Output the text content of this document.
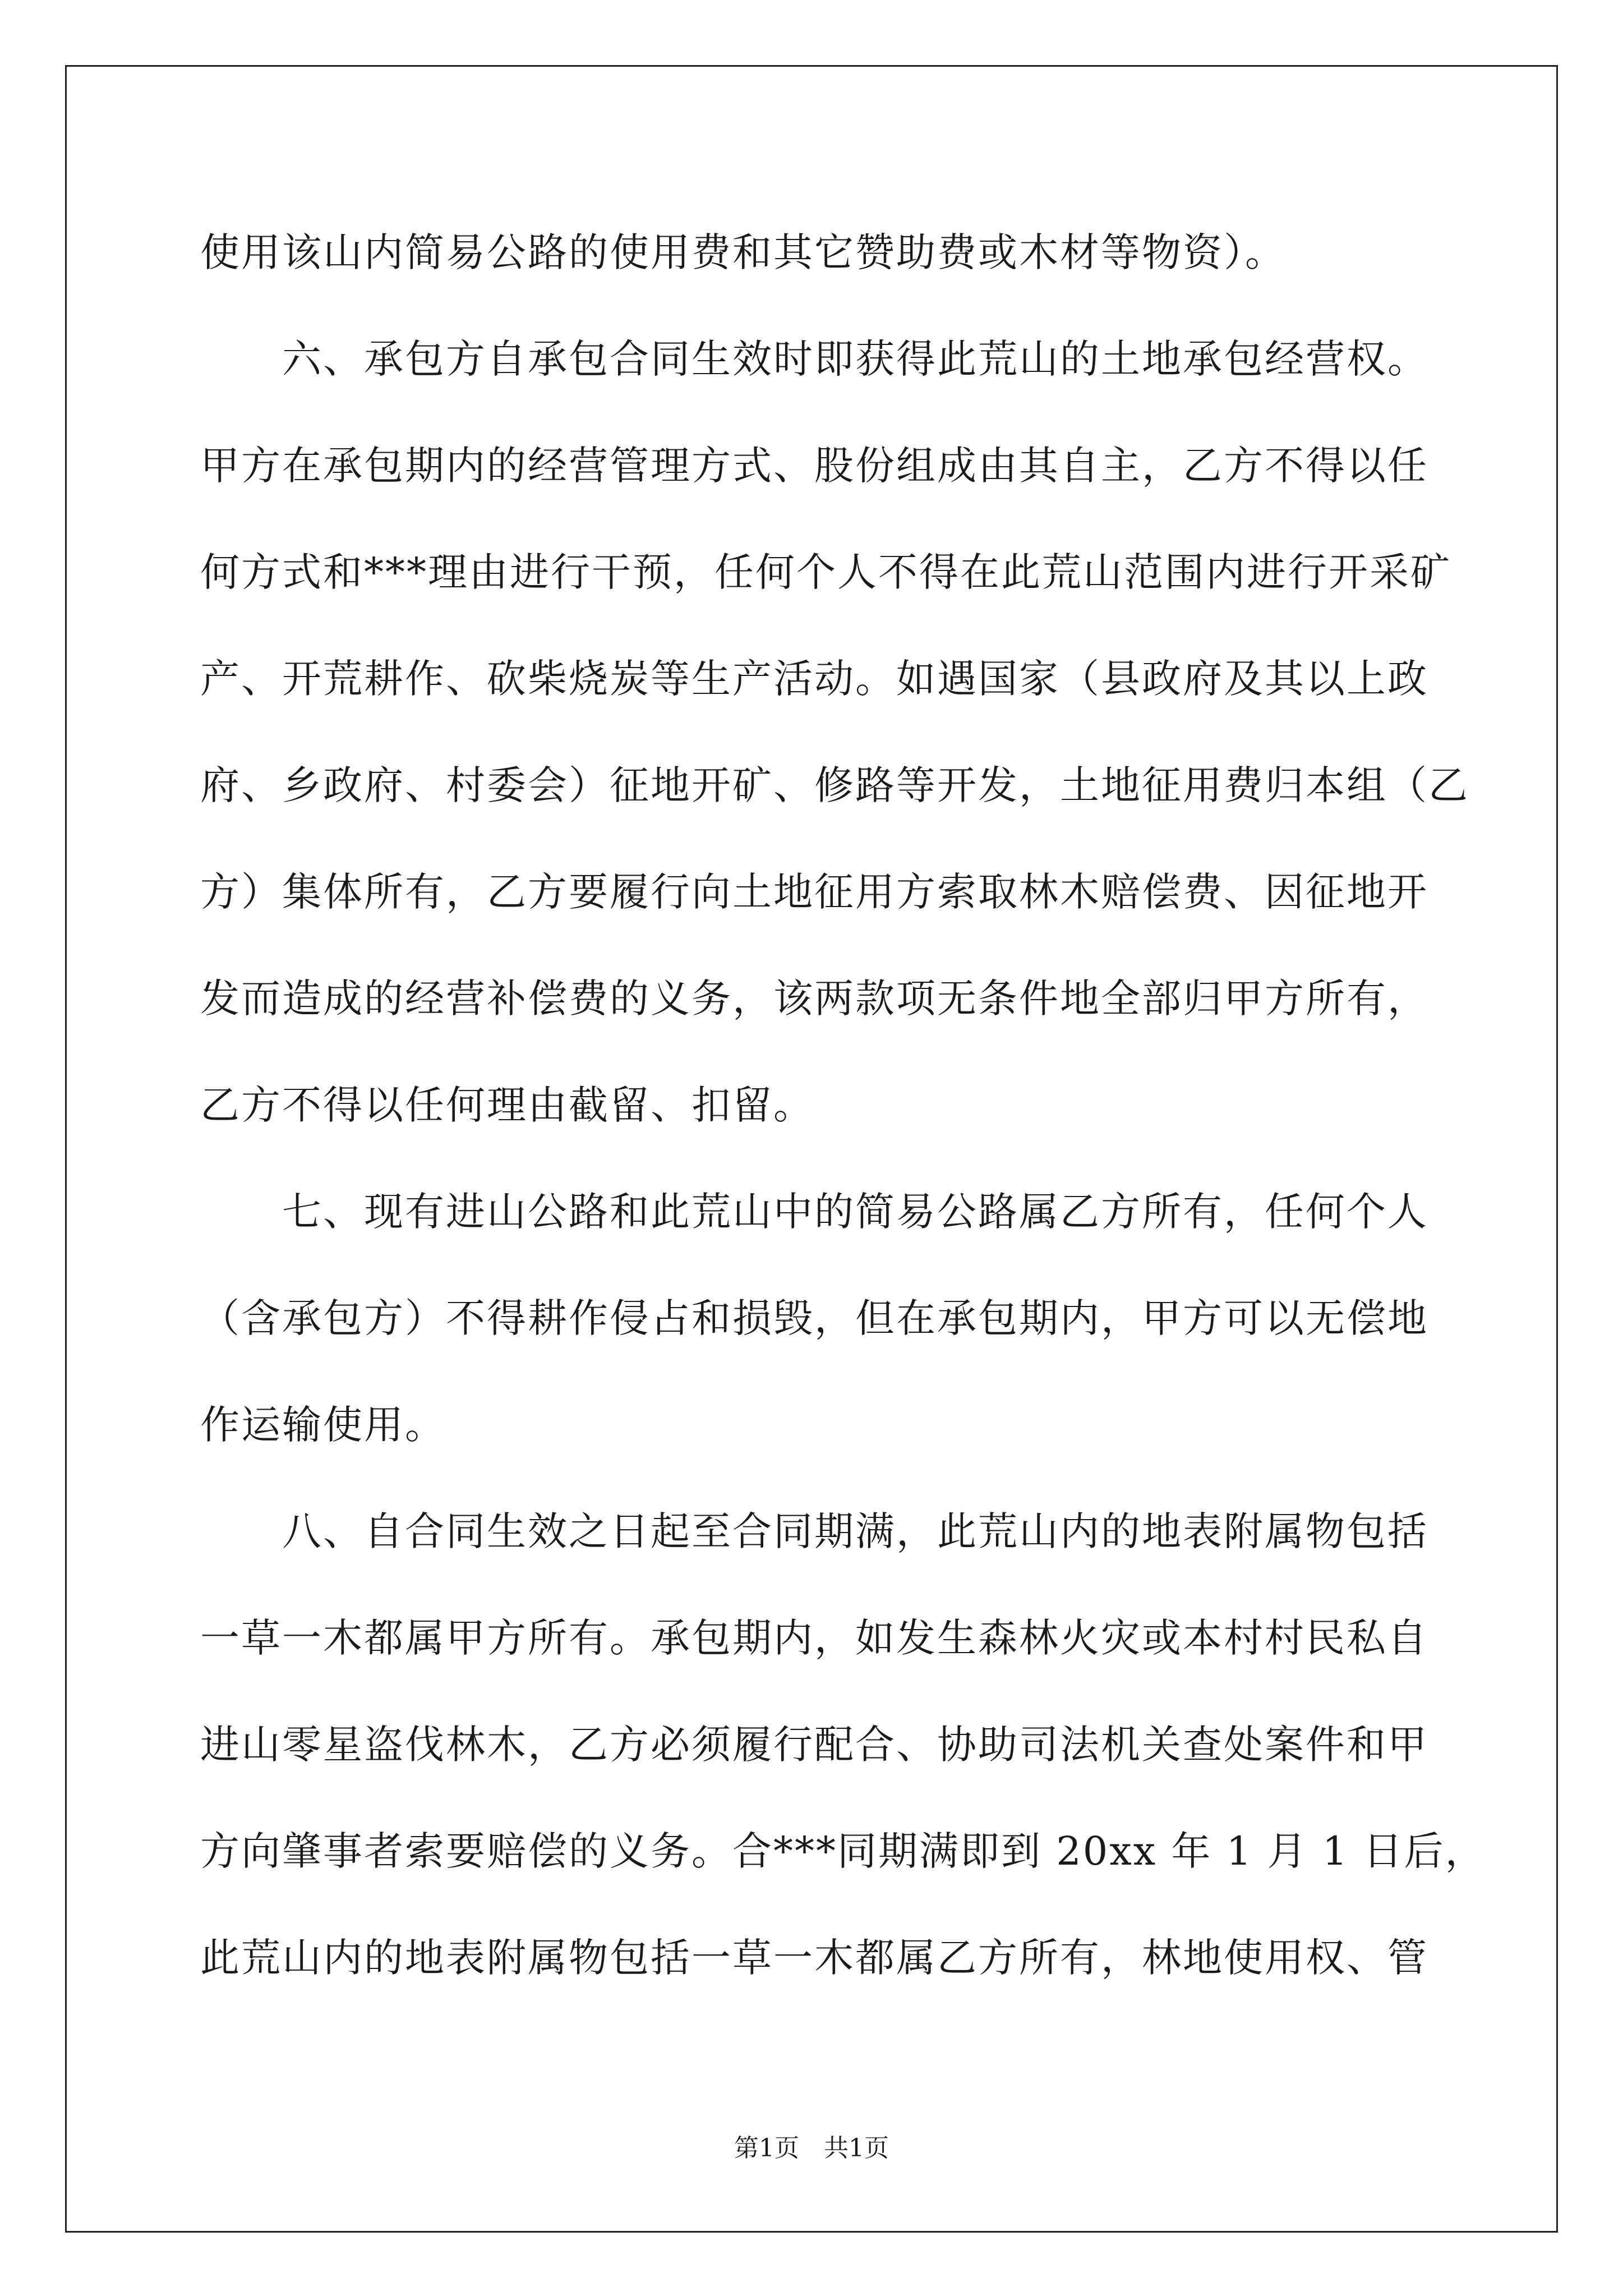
使用该山内简易公路的使用费和其它赞助费或木材等物资）。
　　六、承包方自承包合同生效时即获得此荒山的土地承包经营权。
甲方在承包期内的经营管理方式、股份组成由其自主，乙方不得以任
何方式和***理由进行干预，任何个人不得在此荒山范围内进行开采矿
产、开荒耕作、砍柴烧炭等生产活动。如遇国家（县政府及其以上政
府、乡政府、村委会）征地开矿、修路等开发，土地征用费归本组（乙
方）集体所有，乙方要履行向土地征用方索取林木赔偿费、因征地开
发而造成的经营补偿费的义务，该两款项无条件地全部归甲方所有，
乙方不得以任何理由截留、扣留。
　　七、现有进山公路和此荒山中的简易公路属乙方所有，任何个人
（含承包方）不得耕作侵占和损毁，但在承包期内，甲方可以无偿地
作运输使用。
　　八、自合同生效之日起至合同期满，此荒山内的地表附属物包括
一草一木都属甲方所有。承包期内，如发生森林火灾或本村村民私自
进山零星盗伐林木，乙方必须履行配合、协助司法机关查处案件和甲
方向肇事者索要赔偿的义务。合***同期满即到 20xx 年 1 月 1 日后，
此荒山内的地表附属物包括一草一木都属乙方所有，林地使用权、管
第1页　共1页
